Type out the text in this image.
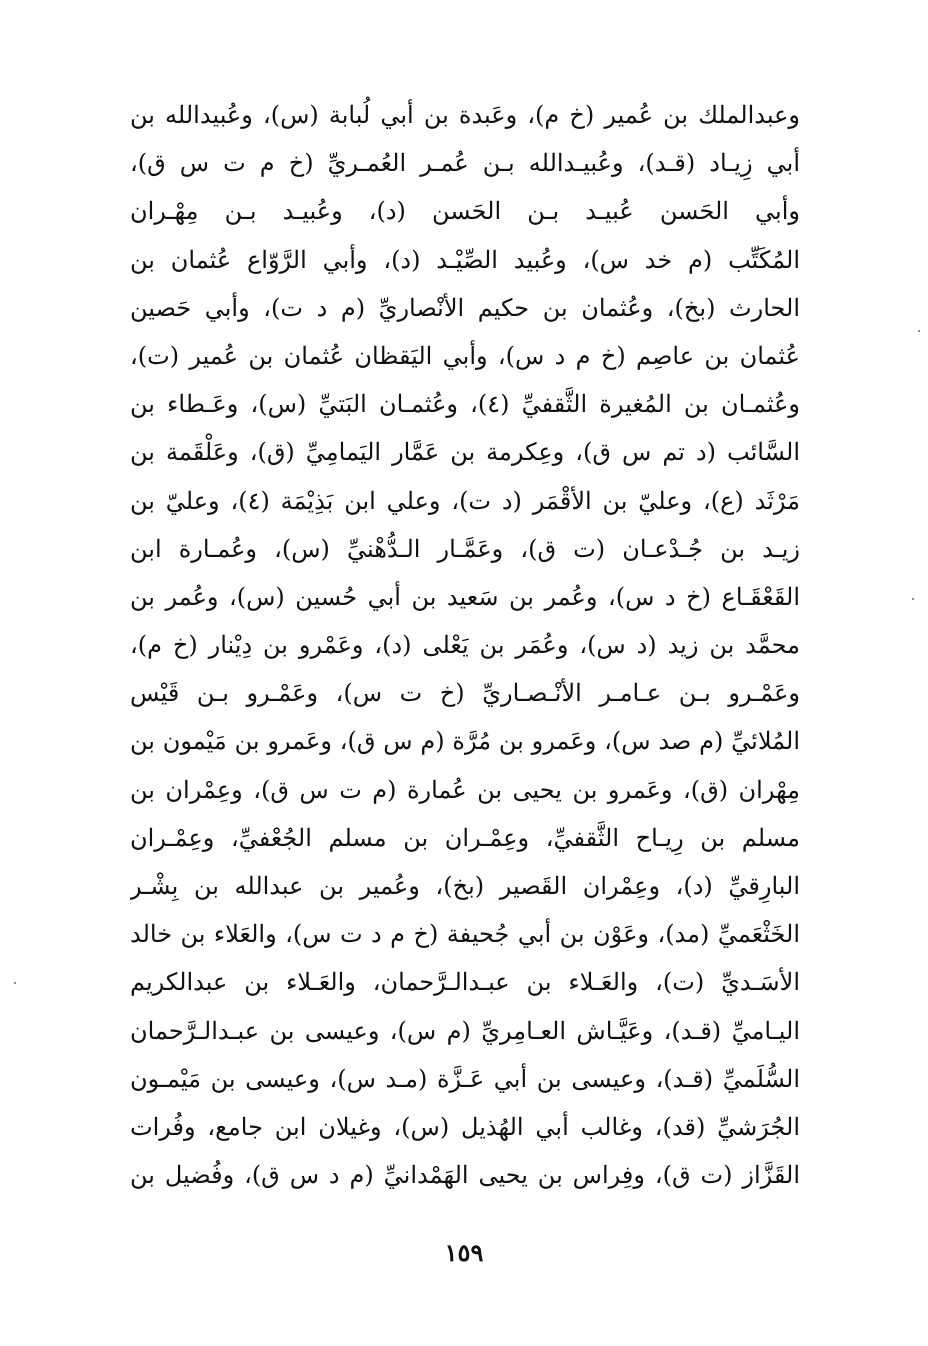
وعبدالملك بن عُمير (خ م)، وعَبدة بن أبي لُبابة (س)، وعُبيدالله بن
أبي زِيـاد (قـد)، وعُبيـدالله بـن عُمـر العُمـريِّ (خ م ت س ق)،
وأبي الحَسن عُبيـد بـن الحَسن (د)، وعُبيـد بـن مِهْـران
المُكَتِّب (م خد س)، وعُبيد الصِّيْـد (د)، وأبي الرَّوّاع عُثمان بن
الحارث (بخ)، وعُثمان بن حكيم الأنْصاريِّ (م د ت)، وأبي حَصين
عُثمان بن عاصِم (خ م د س)، وأبي اليَقظان عُثمان بن عُمير (ت)،
وعُثمـان بن المُغيرة الثَّقفيِّ (٤)، وعُثمـان البَتيِّ (س)، وعَـطاء بن
السَّائب (د تم س ق)، وعِكرمة بن عَمَّار اليَمامِيِّ (ق)، وعَلْقَمة بن
مَرْثَد (ع)، وعليّ بن الأقْمَر (د ت)، وعلي ابن بَذِيْمَة (٤)، وعليّ بن
زيـد بن جُـدْعـان (ت ق)، وعَمَّـار الـدُّهْنيِّ (س)، وعُمـارة ابن
القَعْقَـاع (خ د س)، وعُمر بن سَعيد بن أبي حُسين (س)، وعُمر بن
محمَّد بن زيد (د س)، وعُمَر بن يَعْلى (د)، وعَمْرو بن دِيْنار (خ م)،
وعَمْـرو بـن عـامـر الأنْـصـاريِّ (خ ت س)، وعَمْـرو بـن قَيْس
المُلائيِّ (م صد س)، وعَمرو بن مُرَّة (م س ق)، وعَمرو بن مَيْمون بن
مِهْران (ق)، وعَمرو بن يحيى بن عُمارة (م ت س ق)، وعِمْران بن
مسلم بن رِيـاح الثَّقفيِّ، وعِمْـران بن مسلم الجُعْفيِّ، وعِمْـران
البارِقيِّ (د)، وعِمْران القَصير (بخ)، وعُمير بن عبدالله بن بِشْـر
الخَثْعَميِّ (مد)، وعَوْن بن أبي جُحيفة (خ م د ت س)، والعَلاء بن خالد
الأسَـديِّ (ت)، والعَـلاء بن عبـدالـرَّحمان، والعَـلاء بن عبدالكريم
اليـاميِّ (قـد)، وعَيَّـاش العـامِريِّ (م س)، وعيسى بن عبـدالـرَّحمان
السُّلَميِّ (قـد)، وعيسى بن أبي عَـزَّة (مـد س)، وعيسى بن مَيْمـون
الجُرَشيِّ (قد)، وغالب أبي الهُذيل (س)، وغيلان ابن جامع، وفُرات
القَزَّاز (ت ق)، وفِراس بن يحيى الهَمْدانيِّ (م د س ق)، وفُضيل بن
١٥٩
